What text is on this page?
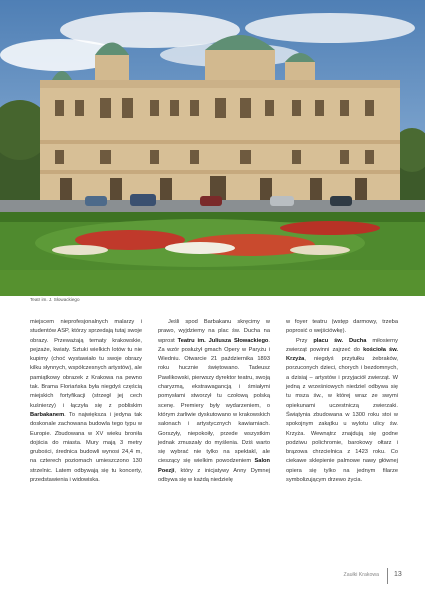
Teatr im. J. Słowackiego

miejscem nieprofesjonalnych malarzy i studentów ASP, którzy sprzedają tutaj swoje obrazy. Przeważają tematy krakowskie, pejzaże, kwiaty. Sztuki wielkich lotów tu nie kupimy (choć wystawiało tu swoje obrazy kilku słynnych, współczesnych artystów), ale pamiątkowy obrazek z Krakowa na pewno tak. Brama Floriańska była niegdyś częścią miejskich fortyfikacji (strzegł jej cech kuśnierzy) i łączyła się z pobliskim Barbakanem. To największa i jedyna tak doskonale zachowana budowla tego typu w Europie. Zbudowana w XV wieku broniła dojścia do miasta. Mury mają 3 metry grubości, średnica budowli wynosi 24,4 m, na czterech poziomach umieszczono 130 strzelnic. Latem odbywają się tu koncerty, przedstawienia i widowiska.

Jeśli spod Barbakanu skręcimy w prawo, wyjdziemy na plac św. Ducha na wprost Teatru im. Juliusza Słowackiego. Za wzór posłużył gmach Opery w Paryżu i Wiedniu. Otwarcie 21 października 1893 roku hucznie świętowano. Tadeusz Pawlikowski, pierwszy dyrektor teatru, swoją charyzmą, ekstrawagancją i śmiałymi pomysłami stworzył tu czołową polską scenę. Premiery były wydarzeniem, o którym żarliwie dyskutowano w krakowskich salonach i artystycznych kawiarniach. Gorszyły, niepokoiły, przede wszystkim jednak zmuszały do myślenia. Dziś warto się wybrać nie tylko na spektakl, ale cieszący się wielkim powodzeniem Salon Poezji, który z inicjatywy Anny Dymnej odbywa się w każdą niedzielę

w foyer teatru (wstęp darmowy, trzeba poprosić o wejściówkę).

Przy placu św. Ducha miłosierny zwierząt powinni zajrzeć do kościoła św. Krzyża, niegdyś przytułku żebraków, porzuconych dzieci, chorych i bezdomnych, a dzisiaj – artystów i przyjaciół zwierząt. W jedną z wrześniowych niedziel odbywa się tu msza św., w której wraz ze swymi opiekunami uczestniczą zwierzaki. Świątynia zbudowana w 1300 roku stoi w spokojnym zakątku u wylotu ulicy św. Krzyża. Wewnątrz znajdują się godne podziwu polichromie, barokowy ołtarz i brązowa chrzcielnica z 1423 roku. Co ciekawe sklepienie palmowe nawy głównej opiera się tylko na jednym filarze symbolizującym drzewo życia.

Zaułki Krakowa 13
